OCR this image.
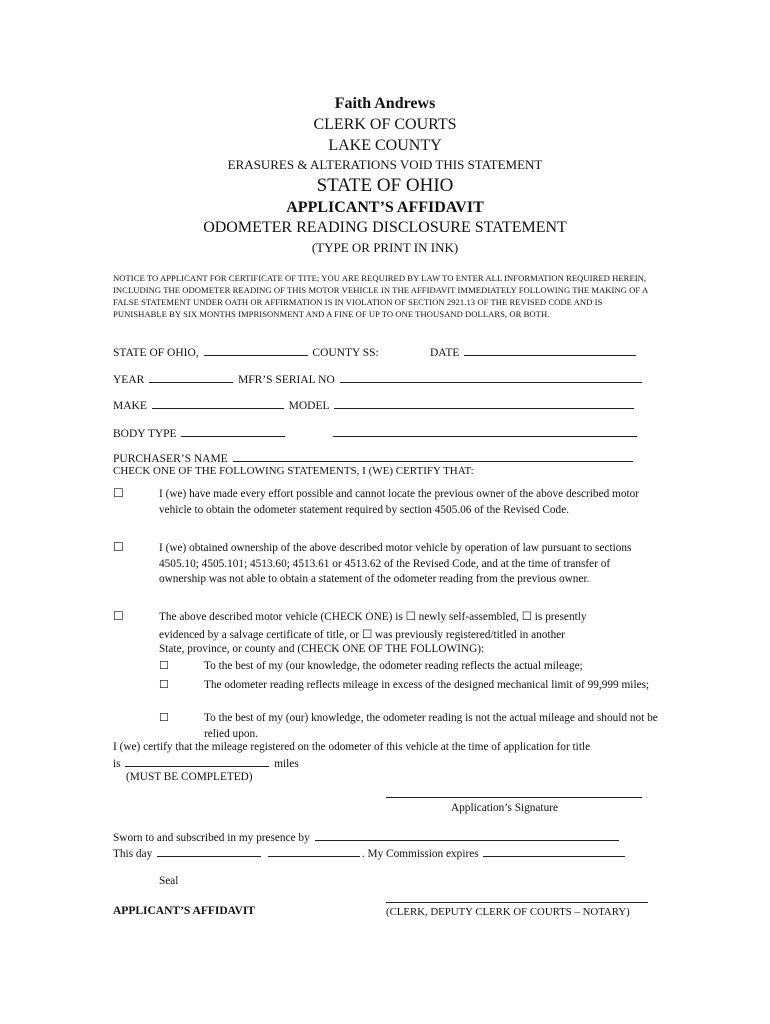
Faith Andrews
CLERK OF COURTS
LAKE COUNTY
ERASURES & ALTERATIONS VOID THIS STATEMENT
STATE OF OHIO
APPLICANT’S AFFIDAVIT
ODOMETER READING DISCLOSURE STATEMENT
(TYPE OR PRINT IN INK)
NOTICE TO APPLICANT FOR CERTIFICATE OF TITE; YOU ARE REQUIRED BY LAW TO ENTER ALL INFORMATION REQUIRED HEREIN, INCLUDING THE ODOMETER READING OF THIS MOTOR VEHICLE IN THE AFFIDAVIT IMMEDIATELY FOLLOWING THE MAKING OF A FALSE STATEMENT UNDER OATH OR AFFIRMATION IS IN VIOLATION OF SECTION 2921.13 OF THE REVISED CODE AND IS PUNISHABLE BY SIX MONTHS IMPRISONMENT AND A FINE OF UP TO ONE THOUSAND DOLLARS, OR BOTH.
STATE OF OHIO,	COUNTY SS:	DATE
YEAR	MFR’S SERIAL NO
MAKE	MODEL
BODY TYPE
PURCHASER’S NAME
CHECK ONE OF THE FOLLOWING STATEMENTS, I (WE) CERTIFY THAT:
☐	I (we) have made every effort possible and cannot locate the previous owner of the above described motor vehicle to obtain the odometer statement required by section 4505.06 of the Revised Code.
☐	I (we) obtained ownership of the above described motor vehicle by operation of law pursuant to sections 4505.10; 4505.101; 4513.60; 4513.61 or 4513.62 of the Revised Code, and at the time of transfer of ownership was not able to obtain a statement of the odometer reading from the previous owner.
☐	The above described motor vehicle (CHECK ONE) is ☐ newly self-assembled, ☐ is presently
evidenced by a salvage certificate of title, or ☐ was previously registered/titled in another
State, province, or county and (CHECK ONE OF THE FOLLOWING):
☐	To the best of my (our knowledge, the odometer reading reflects the actual mileage;
☐	The odometer reading reflects mileage in excess of the designed mechanical limit of 99,999 miles;
☐	To the best of my (our) knowledge, the odometer reading is not the actual mileage and should not be relied upon.
I (we) certify that the mileage registered on the odometer of this vehicle at the time of application for title
is	miles
(MUST BE COMPLETED)
Application’s Signature
Sworn to and subscribed in my presence by
This day	. My Commission expires
Seal
APPLICANT’S AFFIDAVIT	(CLERK, DEPUTY CLERK OF COURTS – NOTARY)
